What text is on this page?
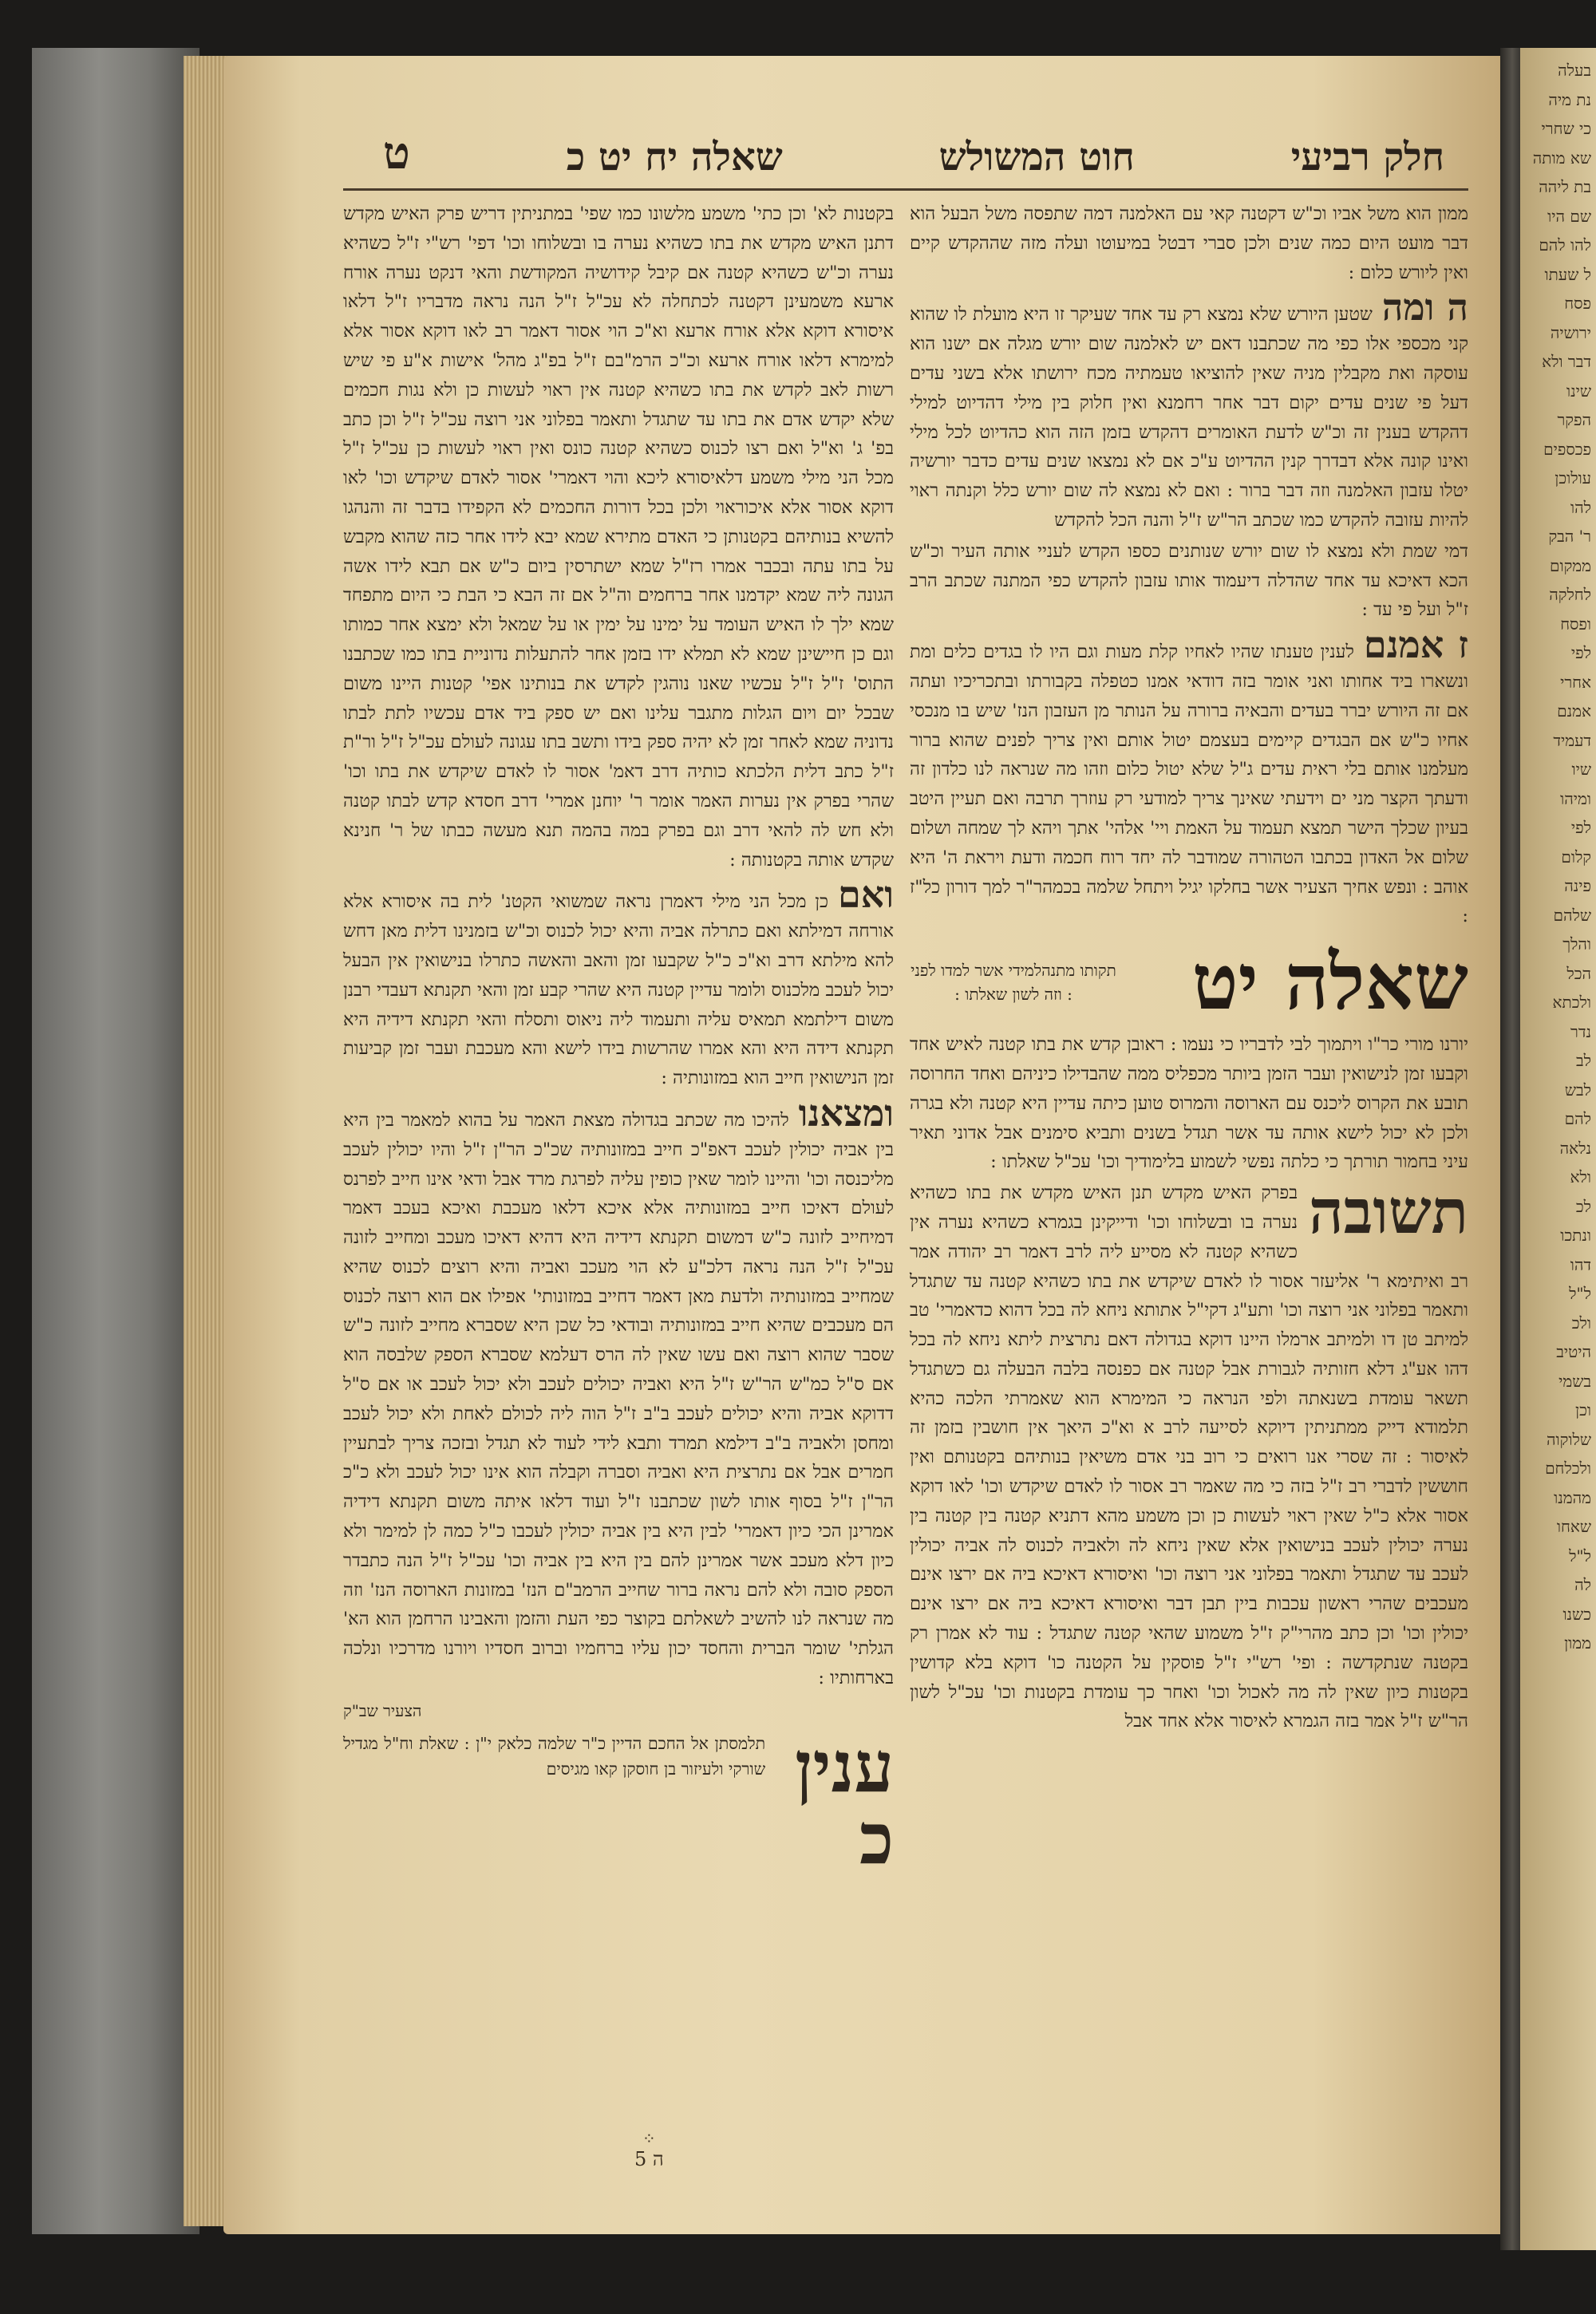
בעלה
נת מיה
כי שחרי
שא מותה
בת ליהה
שם היו
להו להם
ל שעתו
פסח
ירושיה
דבר ולא
שינו
הפקר
פכספים
עולוכן
להו
ר' הבק
ממקום
לחלקה
ופסח
לפי
אחרי
אמנם
דעמיד
שיו
ומיהו
לפי
קלום
פינה
שלהם
והלך
הכל
ולכתא
נדר
לב
לבש
להם
נלאה
ולא
לכ
ונתכו
דהו
ל"ל
ולכ
היטיב
בשמי
וכן
שלוקוה
ולכלחם
מהמנו
שאחו
ל"ל
לה
כשנו
ממון
חלק רביעי
חוט המשולש
שאלה יח יט כ
ט

ממון הוא משל אביו וכ"ש דקטנה קאי עם האלמנה דמה שתפסה משל הבעל הוא דבר מועט היום כמה שנים ולכן סברי דבטל במיעוטו ועלה מזה שההקדש קיים ואין ליורש כלום :

ה ומהשטען היורש שלא נמצא רק עד אחד שעיקר זו היא מועלת לו שהוא קני מכספי אלו כפי מה שכתבנו דאם יש לאלמנה שום יורש מגלה אם ישנו הוא עוסקה ואת מקבלין מניה שאין להוציאו טעמתיה מכח ירושתו אלא בשני עדים דעל פי שנים עדים יקום דבר אחר רחמנא ואין חלוק בין מילי דהדיוט למילי דהקדש בענין זה וכ"ש לדעת האומרים דהקדש בזמן הזה הוא כהדיוט לכל מילי ואינו קונה אלא דבדרך קנין ההדיוט ע"כ אם לא נמצאו שנים עדים כדבר יורשיה יטלו עזבון האלמנה וזה דבר ברור : ואם לא נמצא לה שום יורש כלל וקנתה ראוי להיות עזובה להקדש כמו שכתב הר"ש ז"ל והנה הכל להקדש

דמי שמת ולא נמצא לו שום יורש שנותנים כספו הקדש לעניי אותה העיר וכ"ש הכא דאיכא עד אחד שהדלה דיעמוד אותו עזבון להקדש כפי המתנה שכתב הרב ז"ל ועל פי עד :

ז אמנםלענין טענתו שהיו לאחיו קלת מעות וגם היו לו בגדים כלים ומת ונשארו ביד אחותו ואני אומר בזה דודאי אמנו כטפלה בקבורתו ובתכריכיו ועתה אם זה היורש יברר בעדים והבאיה ברורה על הנותר מן העזבון הנז' שיש בו מנכסי אחיו כ"ש אם הבגדים קיימים בעצמם יטול אותם ואין צריך לפנים שהוא ברור מעלמנו אותם בלי ראית עדים ג"ל שלא יטול כלום וזהו מה שנראה לנו כלדון זה ודעתך הקצר מני ים וידעתי שאינך צריך למודעי רק עוזרך תרבה ואם תעיין היטב בעיון שכלך הישר תמצא תעמוד על האמת ויי' אלהי' אתך ויהא לך שמחה ושלום שלום אל האדון בכתבו הטהורה שמודבר לה יחד רוח חכמה ודעת ויראת ה' היא אוהב : ונפש אחיך הצעיר אשר בחלקו יגיל ויתחל שלמה בכמהר"ר למך דורון כל"ז :

שאלה יט
תקותו מתנהלמידי אשר למדו לפני : וזה לשון שאלתו :

יורנו מורי כר"ו ויתמוך לבי לדבריו כי נעמו : ראובן קדש את בתו קטנה לאיש אחד וקבעו זמן לנישואין ועבר הזמן ביותר מכפליס ממה שהבדילו כיניהם ואחד החרוסה תובע את הקרוס ליכנס עם הארוסה והמרוס טוען כיתה עדיין היא קטנה ולא בגרה ולכן לא יכול לישא אותה עד אשר תגדל בשנים ותביא סימנים אבל אדוני תאיר עיני בחמור תורתך כי כלתה נפשי לשמוע בלימודיך וכו' עכ"ל שאלתו :

תשובה
בפרק האיש מקדש תנן האיש מקדש את בתו כשהיא נערה בו ובשלוחו וכו' ודייקינן בגמרא כשהיא נערה אין כשהיא קטנה לא מסייע ליה לרב דאמר רב יהודה אמר רב ואיתימא ר' אליעזר אסור לו לאדם שיקדש את בתו כשהיא קטנה עד שתגדל ותאמר בפלוני אני רוצה וכו' ותע"ג דקי"ל אתותא ניחא לה בכל דהוא כדאמרי' טב למיתב טן דו ולמיתב ארמלו היינו דוקא בגדולה דאם נתרצית ליתא ניחא לה בכל דהו אע"ג דלא חזותיה לגבורת אבל קטנה אם כפנסה בלבה הבעלה גם כשתגדל תשאר עומדת בשנאתה ולפי הנראה כי המימרא הוא שאמרתי הלכה כהיא תלמודא דייק ממתניתין דיוקא לסייעה לרב א וא"כ היאך אין חושבין בזמן זה לאיסור : זה שסרי אנו רואים כי רוב בני אדם משיאין בנותיהם בקטנותם ואין חוששין לדברי רב ז"ל בזה כי מה שאמר רב אסור לו לאדם שיקדש וכו' לאו דוקא אסור אלא כ"ל שאין ראוי לעשות כן וכן משמע מהא דתניא קטנה בין קטנה בין נערה יכולין לעכב בנישואין אלא שאין ניחא לה ולאביה לכנוס לה אביה יכולין לעכב עד שתגדל ותאמר בפלוני אני רוצה וכו' ואיסורא דאיכא ביה אם ירצו אינם מעכבים שהרי ראשון עכבות ביין תבן דבר ואיסורא דאיכא ביה אם ירצו אינם יכולין וכו' וכן כתב מהרי"ק ז"ל משמוע שהאי קטנה שתגדל : עוד לא אמרן רק בקטנה שנתקדשה : ופי' רש"י ז"ל פוסקין על הקטנה כו' דוקא בלא קדושין בקטנות כיון שאין לה מה לאכול וכו' ואחר כך עומדת בקטנות וכו' עכ"ל לשון הר"ש ז"ל אמר בזה הגמרא לאיסור אלא אחד אבל

בקטנות לא' וכן כתי' משמע מלשונו כמו שפי' במתניתין דריש פרק האיש מקדש דתנן האיש מקדש את בתו כשהיא נערה בו ובשלוחו וכו' דפי' רש"י ז"ל כשהיא נערה וכ"ש כשהיא קטנה אם קיבל קידושיה המקודשת והאי דנקט נערה אורח ארעא משמעינן דקטנה לכתחלה לא עכ"ל ז"ל הנה נראה מדבריו ז"ל דלאו איסורא דוקא אלא אורח ארעא וא"כ הוי אסור דאמר רב לאו דוקא אסור אלא למימרא דלאו אורח ארעא וכ"כ הרמ"בם ז"ל בפ"ג מהל' אישות א"ע פי שיש רשות לאב לקדש את בתו כשהיא קטנה אין ראוי לעשות כן ולא נגות חכמים שלא יקדש אדם את בתו עד שתגדל ותאמר בפלוני אני רוצה עכ"ל ז"ל וכן כתב בפ' ג' וא"ל ואם רצו לכנוס כשהיא קטנה כונס ואין ראוי לעשות כן עכ"ל ז"ל מכל הני מילי משמע דלאיסורא ליכא והוי דאמרי' אסור לאדם שיקדש וכו' לאו דוקא אסור אלא איכוראוי ולכן בכל דורות החכמים לא הקפידו בדבר זה והנהגו להשיא בנותיהם בקטנותן כי האדם מתירא שמא יבא לידו אחר כזה שהוא מקבש על בתו עתה ובכבר אמרו רז"ל שמא ישתרסין ביום כ"ש אם תבא לידו אשה הגונה ליה שמא יקדמנו אחר ברחמים וה"ל אם זה הבא כי הבת כי היום מתפחד שמא ילך לו האיש העומד על ימינו על ימין או על שמאל ולא ימצא אחר כמותו וגם כן חיישינן שמא לא תמלא ידו בזמן אחר להתעלות נדוניית בתו כמו שכתבנו התוס' ז"ל ז"ל עכשיו שאנו נוהגין לקדש את בנותינו אפי' קטנות היינו משום שבכל יום ויום הגלות מתגבר עלינו ואם יש ספק ביד אדם עכשיו לתת לבתו נדוניה שמא לאחר זמן לא יהיה ספק בידו ותשב בתו עגונה לעולם עכ"ל ז"ל ור"ת ז"ל כתב דלית הלכתא כותיה דרב דאמ' אסור לו לאדם שיקדש את בתו וכו' שהרי בפרק אין נערות האמר אומר ר' יוחנן אמרי' דרב חסדא קדש לבתו קטנה ולא חש לה להאי דרב וגם בפרק במה בהמה תנא מעשה כבתו של ר' חנינא שקדש אותה בקטנותה :

ואםכן מכל הני מילי דאמרן נראה שמשואי הקטנ' לית בה איסורא אלא אורחה דמילתא ואם כתרלה אביה והיא יכול לכנוס וכ"ש בזמנינו דלית מאן דחש להא מילתא דרב וא"כ כ"ל שקבעו זמן והאב והאשה כתרלו בנישואין אין הבעל יכול לעכב מלכנוס ולומר עדיין קטנה היא שהרי קבע זמן והאי תקנתא דעבדי רבנן משום דילתמא תמאיס עליה ותעמוד ליה ניאוס ותסלח והאי תקנתא דידיה היא תקנתא דידה היא והא אמרו שהרשות בידו לישא והא מעכבת ועבר זמן קביעות זמן הנישואין חייב הוא במזונותיה :

ומצאנולהיכו מה שכתב בגדולה מצאת האמר על בהוא למאמר בין היא בין אביה יכולין לעכב דאפ"כ חייב במזונותיה שכ"כ הר"ן ז"ל והיו יכולין לעכב מליכנסה וכו' והיינו לומר שאין כופין עליה לפרגת מרד אבל ודאי אינו חייב לפרנס לעולם דאיכו חייב במזונותיה אלא איכא דלאו מעכבת ואיכא בעכב דאמר דמיחייב לזונה כ"ש דמשום תקנתא דידיה היא דהיא דאיכו מעכב ומחייב לזונה עכ"ל ז"ל הנה נראה דלכ"ע לא הוי מעכב ואביה והיא רוצים לכנוס שהיא שמחייב במזונותיה ולדעת מאן דאמר דחייב במזונותי' אפילו אם הוא רוצה לכנוס הם מעכבים שהיא חייב במזונותיה ובודאי כל שכן היא שסברא מחייב לזונה כ"ש שסבר שהוא רוצה ואם עשו שאין לה הרס דעלמא שסברא הספק שלבסה הוא אם ס"ל כמ"ש הר"ש ז"ל היא ואביה יכולים לעכב ולא יכול לעכב או אם ס"ל דדוקא אביה והיא יכולים לעכב ב"ב ז"ל הוה ליה לכולם לאחת ולא יכול לעכב ומחסן ולאביה ב"ב דילמא תמרד ותבא לידי לעוד לא תגדל ובזכה צריך לבתעיין חמרים אבל אם נתרצית היא ואביה וסברה וקבלה הוא אינו יכול לעכב ולא כ"כ הר"ן ז"ל בסוף אותו לשון שכתבנו ז"ל ועוד דלאו איתה משום תקנתא דידיה אמרינן הכי כיון דאמרי' לבין היא בין אביה יכולין לעכבו כ"ל כמה לן למימר ולא כיון דלא מעכב אשר אמרינן להם בין היא בין אביה וכו' עכ"ל ז"ל הנה כתבדר הספק סובה ולא להם נראה ברור שחייב הרמב"ם הנז' במזונות הארוסה הנז' וזה מה שנראה לנו להשיב לשאלתם בקוצר כפי העת והזמן והאבינו הרחמן הוא הא' הגלתי' שומר הברית והחסד יכון עליו ברחמיו וברוב חסדיו ויורנו מדרכיו ונלכה בארחותיו :

הצעיר שב"ק
ענין כ
תלמסתן אל החכם הדיין כ"ר שלמה כלאק י"ן : שאלת וח"ל מגדיל שורקי ולעיזור בן חוסקן קאו מגיסים
⁘
ה 5
